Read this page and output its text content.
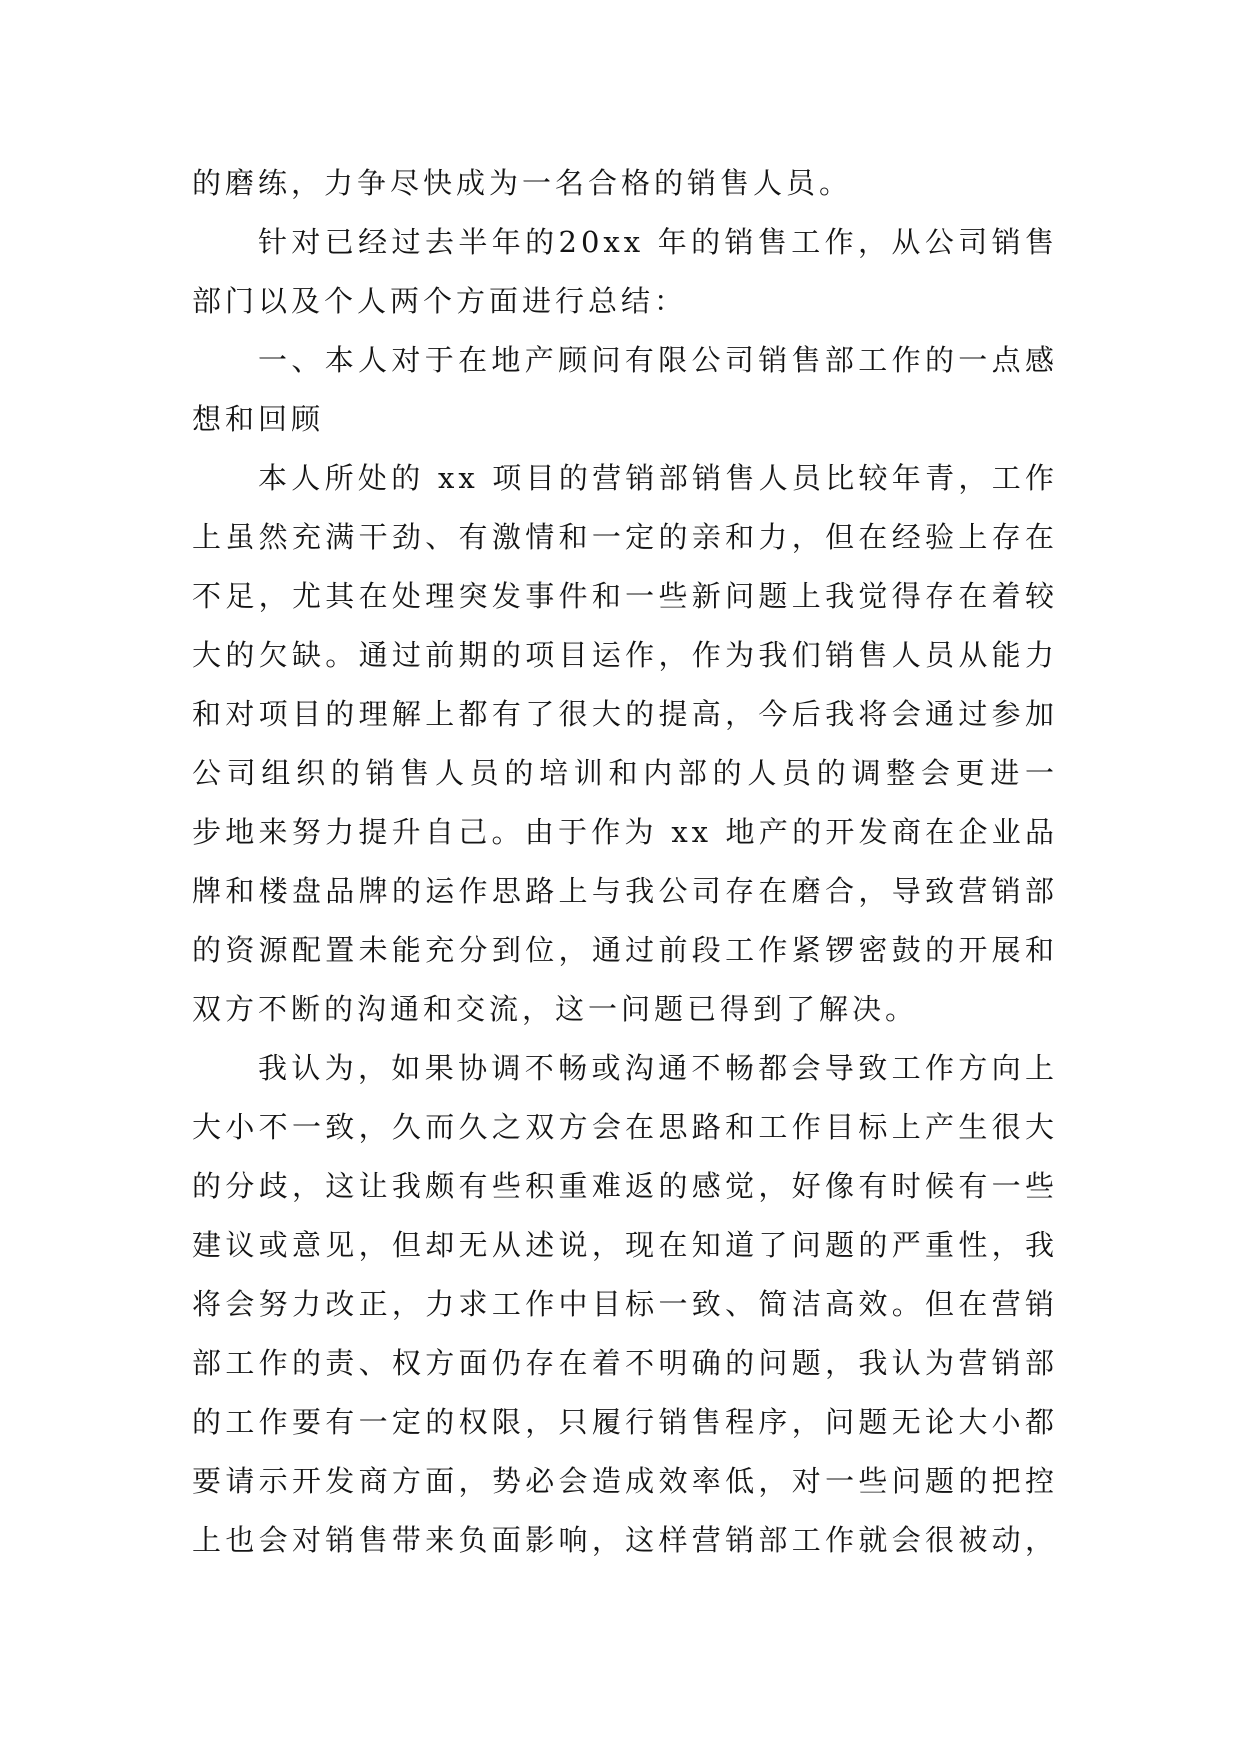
的磨练，力争尽快成为一名合格的销售人员。

针对已经过去半年的20xx 年的销售工作，从公司销售
部门以及个人两个方面进行总结：

一、本人对于在地产顾问有限公司销售部工作的一点感
想和回顾

本人所处的 xx 项目的营销部销售人员比较年青，工作
上虽然充满干劲、有激情和一定的亲和力，但在经验上存在
不足，尤其在处理突发事件和一些新问题上我觉得存在着较
大的欠缺。通过前期的项目运作，作为我们销售人员从能力
和对项目的理解上都有了很大的提高，今后我将会通过参加
公司组织的销售人员的培训和内部的人员的调整会更进一
步地来努力提升自己。由于作为 xx 地产的开发商在企业品
牌和楼盘品牌的运作思路上与我公司存在磨合，导致营销部
的资源配置未能充分到位，通过前段工作紧锣密鼓的开展和
双方不断的沟通和交流，这一问题已得到了解决。

我认为，如果协调不畅或沟通不畅都会导致工作方向上
大小不一致，久而久之双方会在思路和工作目标上产生很大
的分歧，这让我颇有些积重难返的感觉，好像有时候有一些
建议或意见，但却无从述说，现在知道了问题的严重性，我
将会努力改正，力求工作中目标一致、简洁高效。但在营销
部工作的责、权方面仍存在着不明确的问题，我认为营销部
的工作要有一定的权限，只履行销售程序，问题无论大小都
要请示开发商方面，势必会造成效率低，对一些问题的把控
上也会对销售带来负面影响，这样营销部工作就会很被动，
